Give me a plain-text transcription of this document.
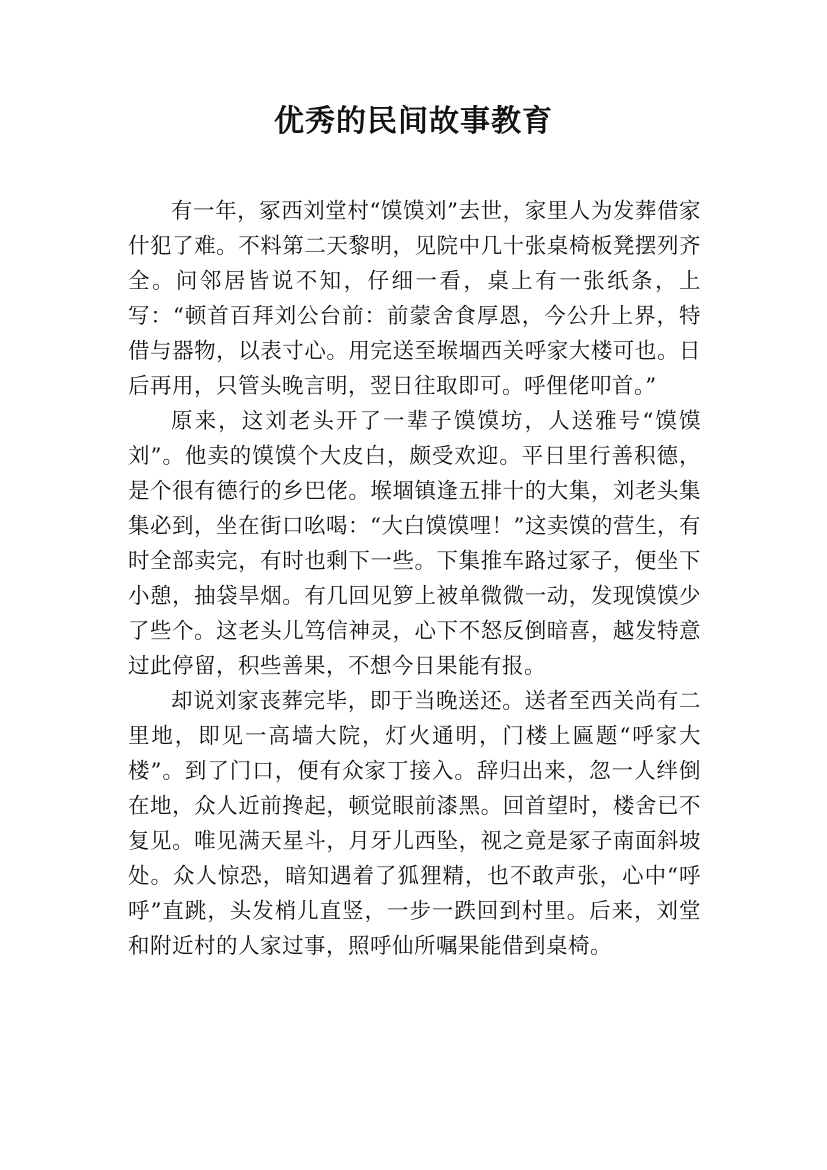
优秀的民间故事教育

有一年，冢西刘堂村“馍馍刘”去世，家里人为发葬借家什犯了难。不料第二天黎明，见院中几十张桌椅板凳摆列齐全。问邻居皆说不知，仔细一看，桌上有一张纸条，上写：“顿首百拜刘公台前：前蒙舍食厚恩，今公升上界，特借与器物，以表寸心。用完送至堠堌西关呼家大楼可也。日后再用，只管头晚言明，翌日往取即可。呼俚佬叩首。”

原来，这刘老头开了一辈子馍馍坊，人送雅号“馍馍刘”。他卖的馍馍个大皮白，颇受欢迎。平日里行善积德，是个很有德行的乡巴佬。堠堌镇逢五排十的大集，刘老头集集必到，坐在街口吆喝：“大白馍馍哩！”这卖馍的营生，有时全部卖完，有时也剩下一些。下集推车路过冢子，便坐下小憩，抽袋旱烟。有几回见箩上被单微微一动，发现馍馍少了些个。这老头儿笃信神灵，心下不怒反倒暗喜，越发特意过此停留，积些善果，不想今日果能有报。

却说刘家丧葬完毕，即于当晚送还。送者至西关尚有二里地，即见一高墙大院，灯火通明，门楼上匾题“呼家大楼”。到了门口，便有众家丁接入。辞归出来，忽一人绊倒在地，众人近前搀起，顿觉眼前漆黑。回首望时，楼舍已不复见。唯见满天星斗，月牙儿西坠，视之竟是冢子南面斜坡处。众人惊恐，暗知遇着了狐狸精，也不敢声张，心中“呼呼”直跳，头发梢儿直竖，一步一跌回到村里。后来，刘堂和附近村的人家过事，照呼仙所嘱果能借到桌椅。
